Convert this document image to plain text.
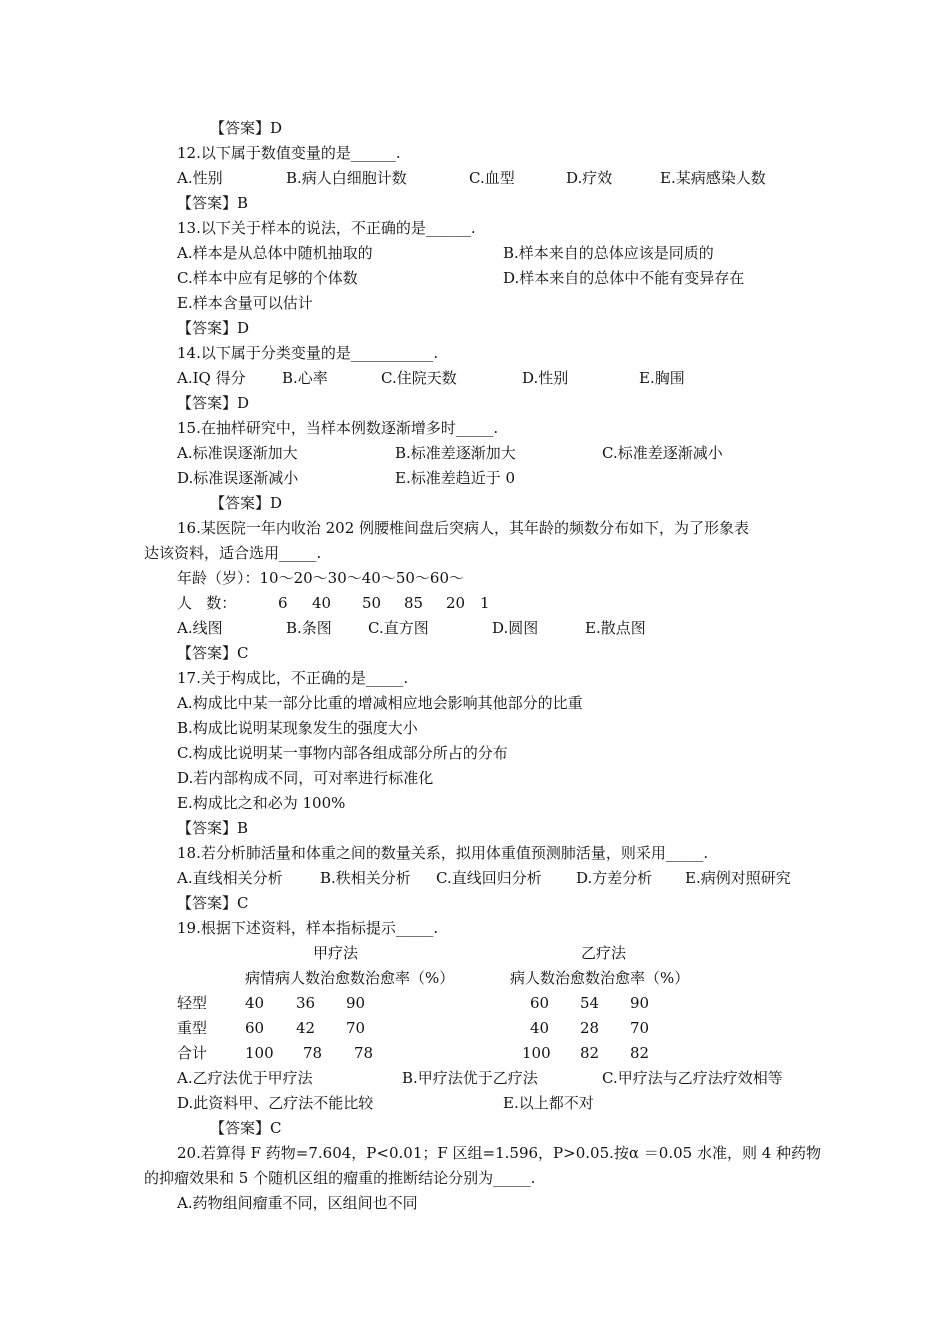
【答案】D
12.以下属于数值变量的是______.
A.性别	B.病人白细胞计数	C.血型	D.疗效	E.某病感染人数
【答案】B
13.以下关于样本的说法，不正确的是______.
A.样本是从总体中随机抽取的	B.样本来自的总体应该是同质的
C.样本中应有足够的个体数	D.样本来自的总体中不能有变异存在
E.样本含量可以估计
【答案】D
14.以下属于分类变量的是___________.
A.IQ 得分 B.心率	C.住院天数	D.性别	E.胸围
【答案】D
15.在抽样研究中，当样本例数逐渐增多时_____.
A.标准误逐渐加大	B.标准差逐渐加大	C.标准差逐渐减小
D.标准误逐渐减小	E.标准差趋近于 0
【答案】D
16.某医院一年内收治 202 例腰椎间盘后突病人，其年龄的频数分布如下，为了形象表
达该资料，适合选用_____.
年龄（岁）：10～20～30～40～50～60～
人   数：	6 40 50 85 20 1
A.线图	B.条图 C.直方图	D.圆图	E.散点图
【答案】C
17.关于构成比，不正确的是_____.
A.构成比中某一部分比重的增减相应地会影响其他部分的比重
B.构成比说明某现象发生的强度大小
C.构成比说明某一事物内部各组成部分所占的分布
D.若内部构成不同，可对率进行标准化
E.构成比之和必为 100%
【答案】B
18.若分析肺活量和体重之间的数量关系，拟用体重值预测肺活量，则采用_____.
A.直线相关分析 B.秩相关分析 C.直线回归分析 D.方差分析 E.病例对照研究
【答案】C
19.根据下述资料，样本指标提示_____.
甲疗法	乙疗法
病情病人数治愈数治愈率（%）	病人数治愈数治愈率（%）
轻型	40 36 90	60 54 90
重型	60 42 70	40 28 70
合计	100 78 78	100 82 82
A.乙疗法优于甲疗法	B.甲疗法优于乙疗法	C.甲疗法与乙疗法疗效相等
D.此资料甲、乙疗法不能比较	E.以上都不对
【答案】C
20.若算得 F 药物=7.604，P<0.01；F 区组=1.596，P>0.05.按α ＝0.05 水准，则 4 种药物
的抑瘤效果和 5 个随机区组的瘤重的推断结论分别为_____.
A.药物组间瘤重不同，区组间也不同
